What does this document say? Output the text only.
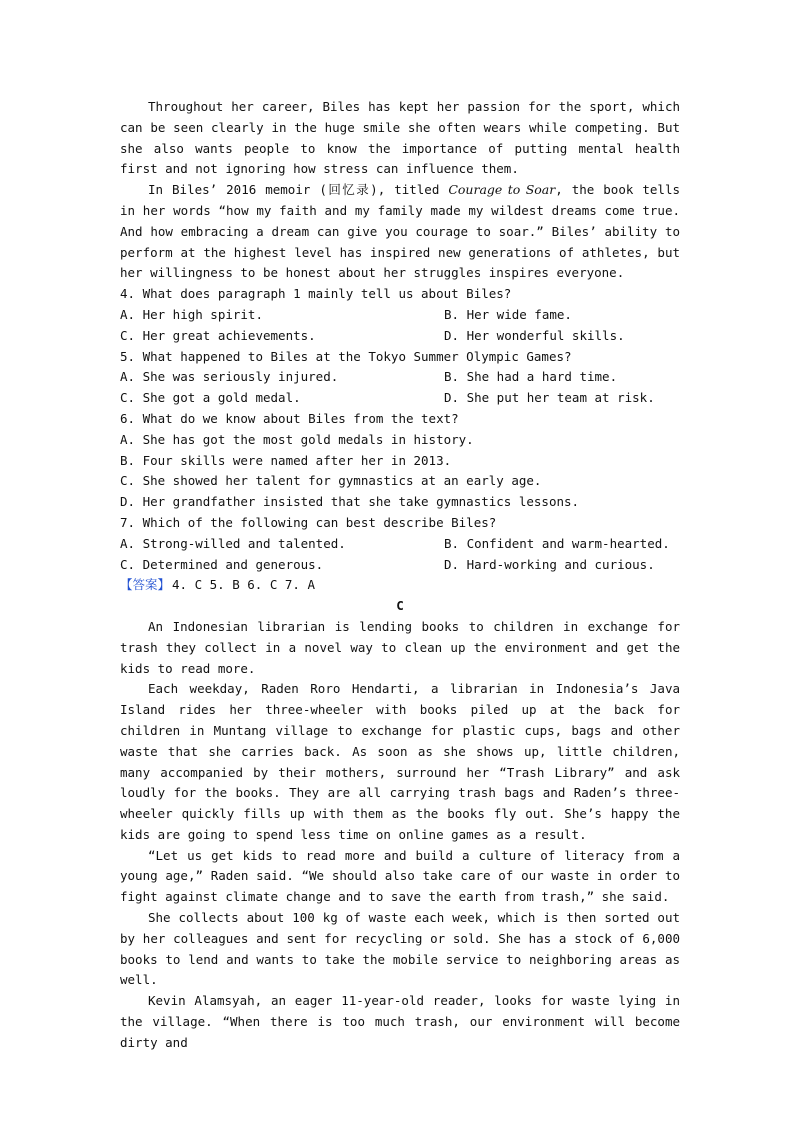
Throughout her career, Biles has kept her passion for the sport, which can be seen clearly in the huge smile she often wears while competing. But she also wants people to know the importance of putting mental health first and not ignoring how stress can influence them.

In Biles’ 2016 memoir (回忆录), titled Courage to Soar, the book tells in her words “how my faith and my family made my wildest dreams come true. And how embracing a dream can give you courage to soar.” Biles’ ability to perform at the highest level has inspired new generations of athletes, but her willingness to be honest about her struggles inspires everyone.

4. What does paragraph 1 mainly tell us about Biles?

A. Her high spirit.	B. Her wide fame.
C. Her great achievements.	D. Her wonderful skills.

5. What happened to Biles at the Tokyo Summer Olympic Games?

A. She was seriously injured.	B. She had a hard time.
C. She got a gold medal.	D. She put her team at risk.

6. What do we know about Biles from the text?

A. She has got the most gold medals in history.

B. Four skills were named after her in 2013.

C. She showed her talent for gymnastics at an early age.

D. Her grandfather insisted that she take gymnastics lessons.

7. Which of the following can best describe Biles?

A. Strong-willed and talented.	B. Confident and warm-hearted.
C. Determined and generous.	D. Hard-working and curious.

【答案】 4. C 5. B 6. C 7. A

C

An Indonesian librarian is lending books to children in exchange for trash they collect in a novel way to clean up the environment and get the kids to read more.

Each weekday, Raden Roro Hendarti, a librarian in Indonesia’s Java Island rides her three-wheeler with books piled up at the back for children in Muntang village to exchange for plastic cups, bags and other waste that she carries back. As soon as she shows up, little children, many accompanied by their mothers, surround her “Trash Library” and ask loudly for the books. They are all carrying trash bags and Raden’s three-wheeler quickly fills up with them as the books fly out. She’s happy the kids are going to spend less time on online games as a result.

“Let us get kids to read more and build a culture of literacy from a young age,” Raden said. “We should also take care of our waste in order to fight against climate change and to save the earth from trash,” she said.

She collects about 100 kg of waste each week, which is then sorted out by her colleagues and sent for recycling or sold. She has a stock of 6,000 books to lend and wants to take the mobile service to neighboring areas as well.

Kevin Alamsyah, an eager 11-year-old reader, looks for waste lying in the village. “When there is too much trash, our environment will become dirty and
